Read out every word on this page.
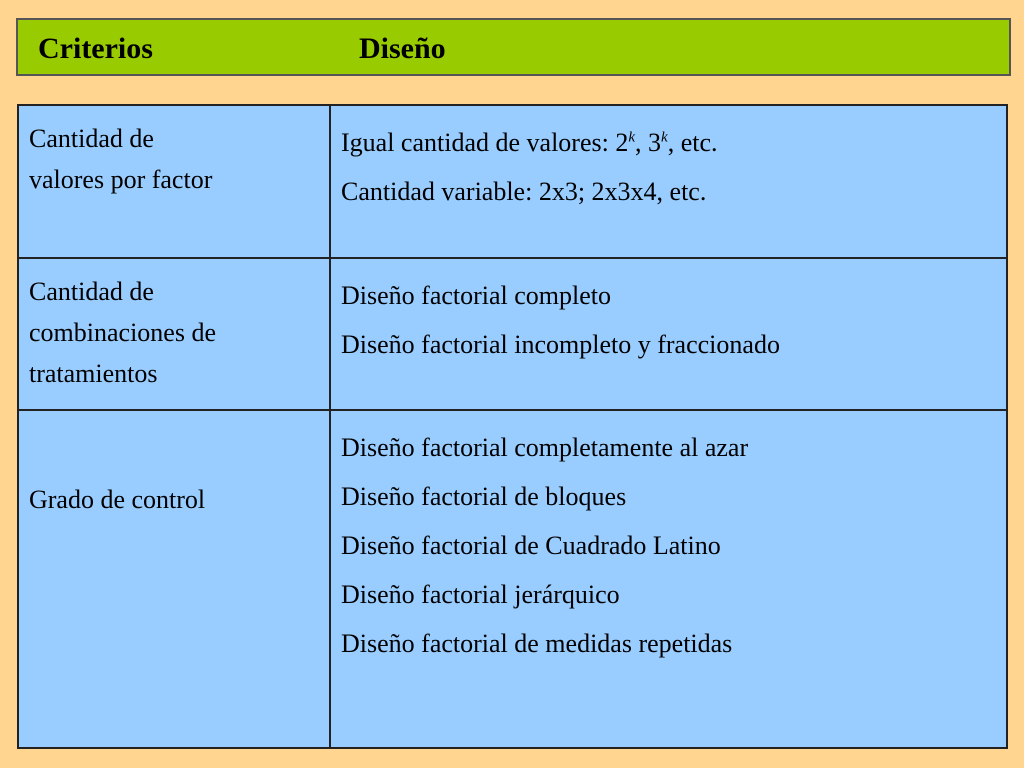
Criterios	Diseño
Cantidad de
valores por factor	Igual cantidad de valores: 2$^k$, 3$^k$, etc.
Cantidad variable: 2x3; 2x3x4, etc.

Cantidad de
combinaciones de
tratamientos	Diseño factorial completo
Diseño factorial incompleto y fraccionado

Grado de control	Diseño factorial completamente al azar
Diseño factorial de bloques
Diseño factorial de Cuadrado Latino
Diseño factorial jerárquico
Diseño factorial de medidas repetidas
